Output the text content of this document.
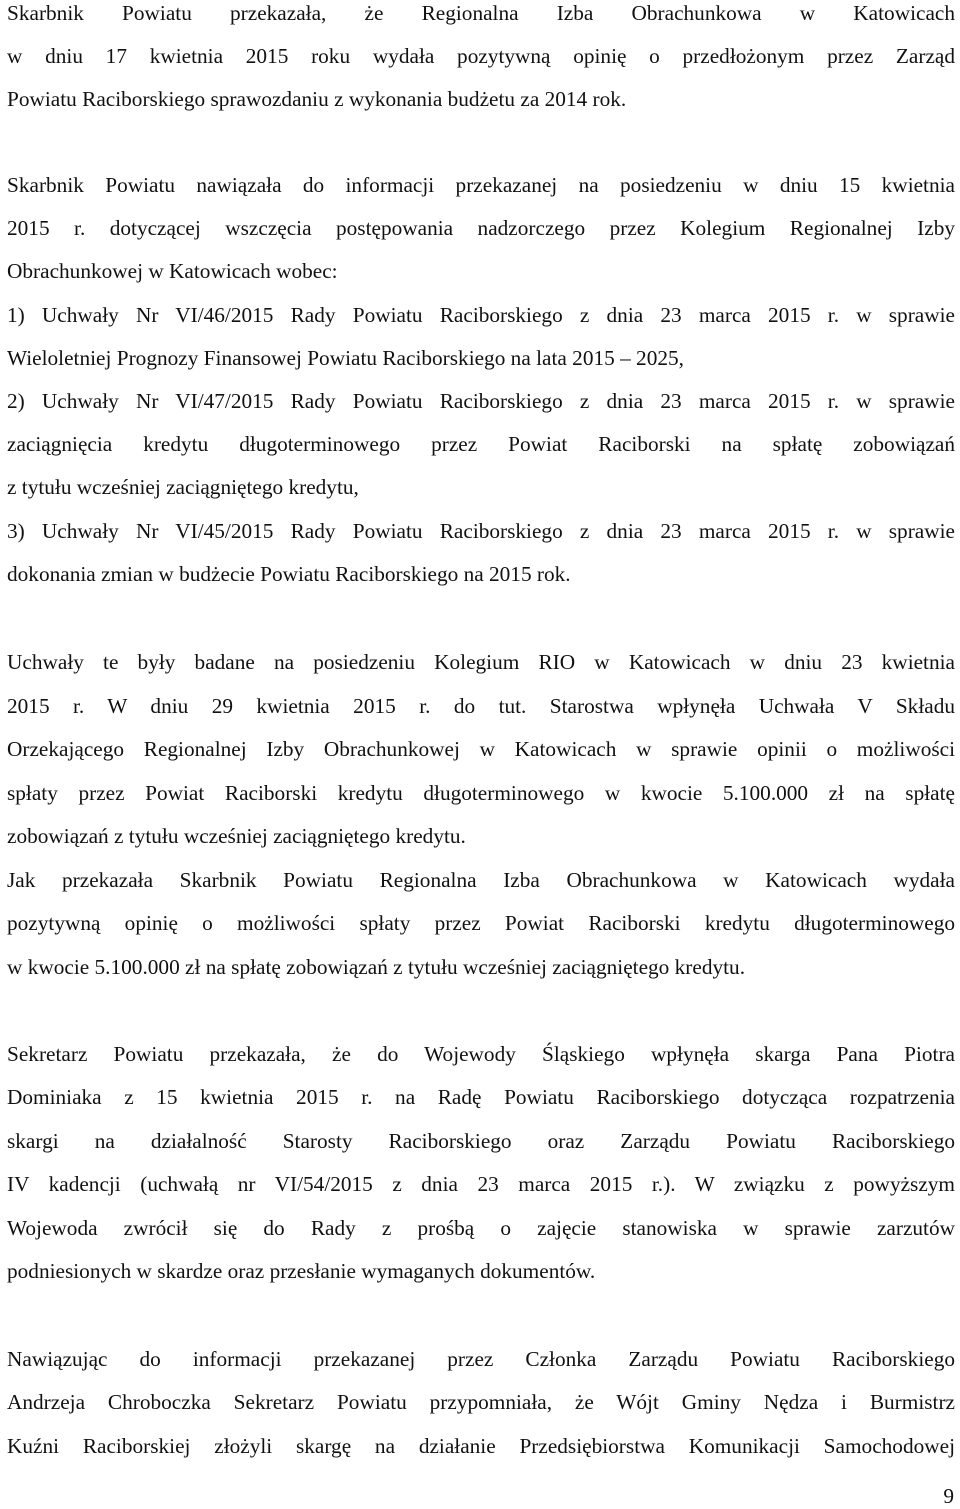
Skarbnik Powiatu przekazała, że Regionalna Izba Obrachunkowa w Katowicach
w dniu 17 kwietnia 2015 roku wydała pozytywną opinię o przedłożonym przez Zarząd
Powiatu Raciborskiego sprawozdaniu z wykonania budżetu za 2014 rok.
Skarbnik Powiatu nawiązała do informacji przekazanej na posiedzeniu w dniu 15 kwietnia
2015 r. dotyczącej wszczęcia postępowania nadzorczego przez Kolegium Regionalnej Izby
Obrachunkowej w Katowicach wobec:
1) Uchwały Nr VI/46/2015 Rady Powiatu Raciborskiego z dnia 23 marca 2015 r. w sprawie
Wieloletniej Prognozy Finansowej Powiatu Raciborskiego na lata 2015 – 2025,
2) Uchwały Nr VI/47/2015 Rady Powiatu Raciborskiego z dnia 23 marca 2015 r. w sprawie
zaciągnięcia kredytu długoterminowego przez Powiat Raciborski na spłatę zobowiązań
z tytułu wcześniej zaciągniętego kredytu,
3) Uchwały Nr VI/45/2015 Rady Powiatu Raciborskiego z dnia 23 marca 2015 r. w sprawie
dokonania zmian w budżecie Powiatu Raciborskiego na 2015 rok.
Uchwały te były badane na posiedzeniu Kolegium RIO w Katowicach w dniu 23 kwietnia
2015 r. W dniu 29 kwietnia 2015 r. do tut. Starostwa wpłynęła Uchwała V Składu
Orzekającego Regionalnej Izby Obrachunkowej w Katowicach w sprawie opinii o możliwości
spłaty przez Powiat Raciborski kredytu długoterminowego w kwocie 5.100.000 zł na spłatę
zobowiązań z tytułu wcześniej zaciągniętego kredytu.
Jak przekazała Skarbnik Powiatu Regionalna Izba Obrachunkowa w Katowicach wydała
pozytywną opinię o możliwości spłaty przez Powiat Raciborski kredytu długoterminowego
w kwocie 5.100.000 zł na spłatę zobowiązań z tytułu wcześniej zaciągniętego kredytu.
Sekretarz Powiatu przekazała, że do Wojewody Śląskiego wpłynęła skarga Pana Piotra
Dominiaka z 15 kwietnia 2015 r. na Radę Powiatu Raciborskiego dotycząca rozpatrzenia
skargi na działalność Starosty Raciborskiego oraz Zarządu Powiatu Raciborskiego
IV kadencji (uchwałą nr VI/54/2015 z dnia 23 marca 2015 r.). W związku z powyższym
Wojewoda zwrócił się do Rady z prośbą o zajęcie stanowiska w sprawie zarzutów
podniesionych w skardze oraz przesłanie wymaganych dokumentów.
Nawiązując do informacji przekazanej przez Członka Zarządu Powiatu Raciborskiego
Andrzeja Chroboczka Sekretarz Powiatu przypomniała, że Wójt Gminy Nędza i Burmistrz
Kuźni Raciborskiej złożyli skargę na działanie Przedsiębiorstwa Komunikacji Samochodowej
9
